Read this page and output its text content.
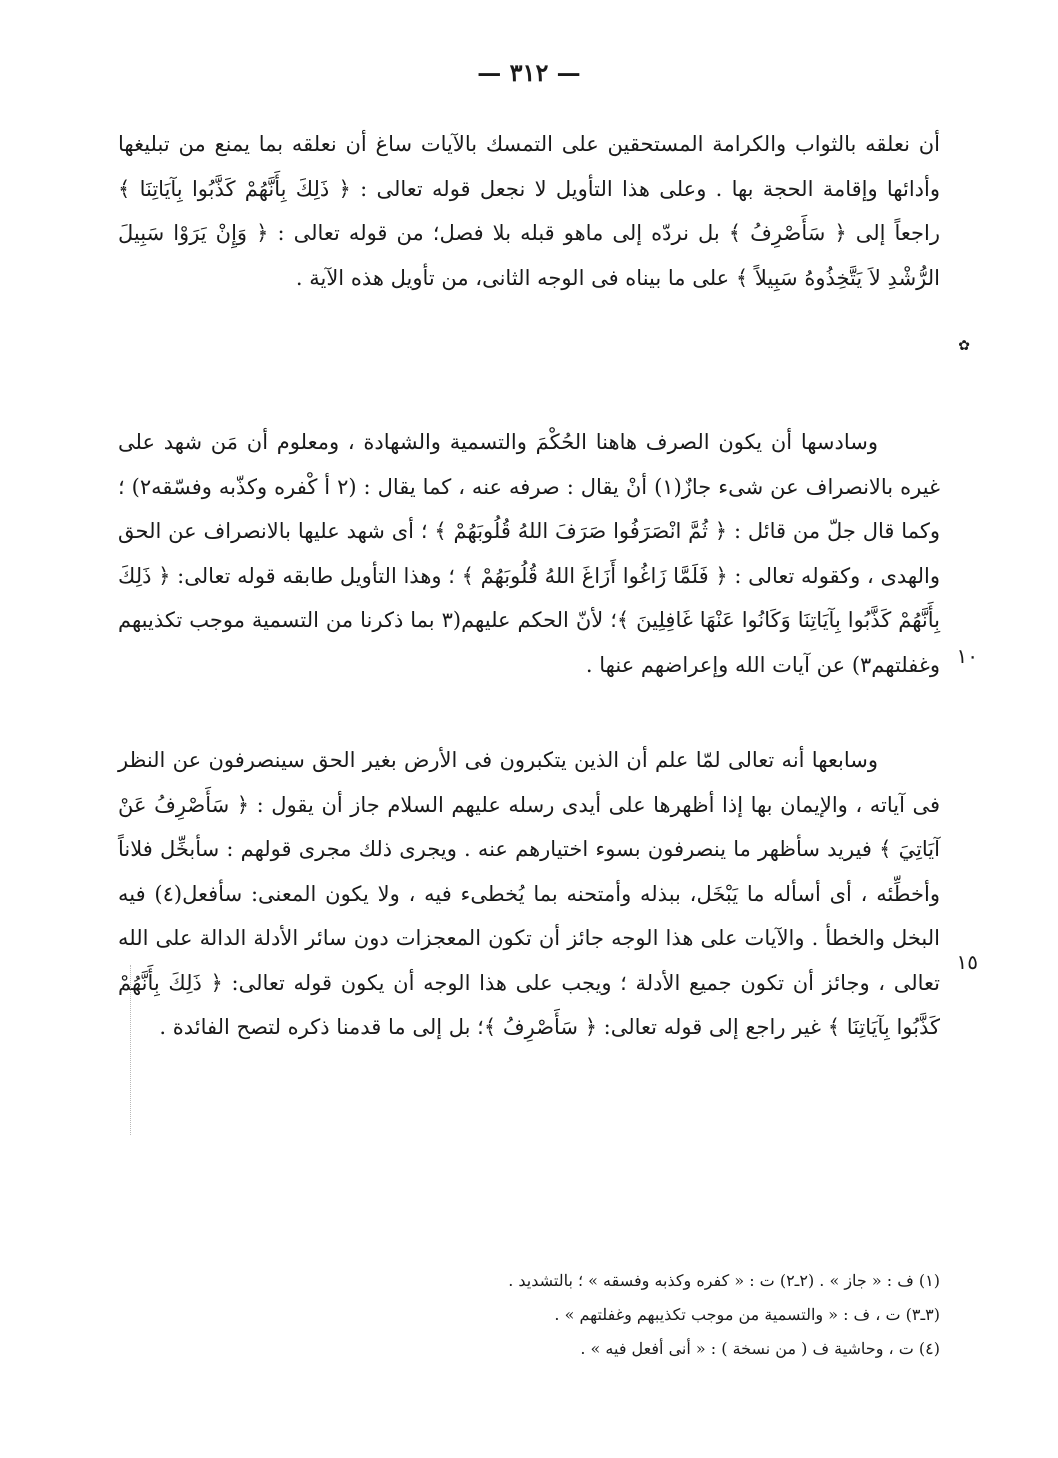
— ٣١٢ —

أن نعلقه بالثواب والكرامة المستحقين على التمسك بالآيات ساغ أن نعلقه بما يمنع من تبليغها وأدائها وإقامة الحجة بها . وعلى هذا التأويل لا نجعل قوله تعالى : ﴿ ذَلِكَ بِأَنَّهُمْ كَذَّبُوا بِآيَاتِنَا ﴾ راجعاً إلى ﴿ سَأَصْرِفُ ﴾ بل نردّه إلى ماهو قبله بلا فصل؛ من قوله تعالى : ﴿ وَإِنْ يَرَوْا سَبِيلَ الرُّشْدِ لاَ يَتَّخِذُوهُ سَبِيلاً ﴾ على ما بيناه فى الوجه الثانى، من تأويل هذه الآية .

✿

وسادسها أن يكون الصرف هاهنا الحُكْمَ والتسمية والشهادة ، ومعلوم أن مَن شهد على غيره بالانصراف عن شىء جازٌ(١) أنْ يقال : صرفه عنه ، كما يقال : (٢ أ كْفره وكذّبه وفسّقه٢) ؛ وكما قال جلّ من قائل : ﴿ ثُمَّ انْصَرَفُوا صَرَفَ اللهُ قُلُوبَهُمْ ﴾ ؛ أى شهد عليها بالانصراف عن الحق والهدى ، وكقوله تعالى : ﴿ فَلَمَّا زَاغُوا أَزَاغَ اللهُ قُلُوبَهُمْ ﴾ ؛ وهذا التأويل طابقه قوله تعالى: ﴿ ذَلِكَ بِأَنَّهُمْ كَذَّبُوا بِآيَاتِنَا وَكَانُوا عَنْهَا غَافِلِينَ ﴾؛ لأنّ الحكم عليهم(٣ بما ذكرنا من التسمية موجب تكذيبهم وغفلتهم٣) عن آيات الله وإعراضهم عنها . ١٠

وسابعها أنه تعالى لمّا علم أن الذين يتكبرون فى الأرض بغير الحق سينصرفون عن النظر فى آياته ، والإيمان بها إذا أظهرها على أيدى رسله عليهم السلام جاز أن يقول : ﴿ سَأَصْرِفُ عَنْ آيَاتِيَ ﴾ فيريد سأظهر ما ينصرفون بسوء اختيارهم عنه . ويجرى ذلك مجرى قولهم : سأبخِّل فلاناً وأخطِّئه ، أى أسأله ما يَبْخَل، ببذله وأمتحنه بما يُخطىء فيه ، ولا يكون المعنى: سأفعل(٤) فيه البخل والخطأ . والآيات على هذا الوجه جائز أن تكون المعجزات دون سائر الأدلة الدالة على الله تعالى ، وجائز أن تكون جميع الأدلة ؛ ويجب على هذا الوجه أن يكون قوله تعالى: ﴿ ذَلِكَ بِأَنَّهُمْ كَذَّبُوا بِآيَاتِنَا ﴾ غير راجع إلى قوله تعالى: ﴿ سَأَصْرِفُ ﴾؛ بل إلى ما قدمنا ذكره لتصح الفائدة .

١٥
(١) ف : « جاز » . (٢ـ٢) ت : « كفره وكذبه وفسقه » ؛ بالتشديد .
(٣ـ٣) ت ، ف : « والتسمية من موجب تكذيبهم وغفلتهم » .
(٤) ت ، وحاشية ف ( من نسخة ) : « أنى أفعل فيه » .
